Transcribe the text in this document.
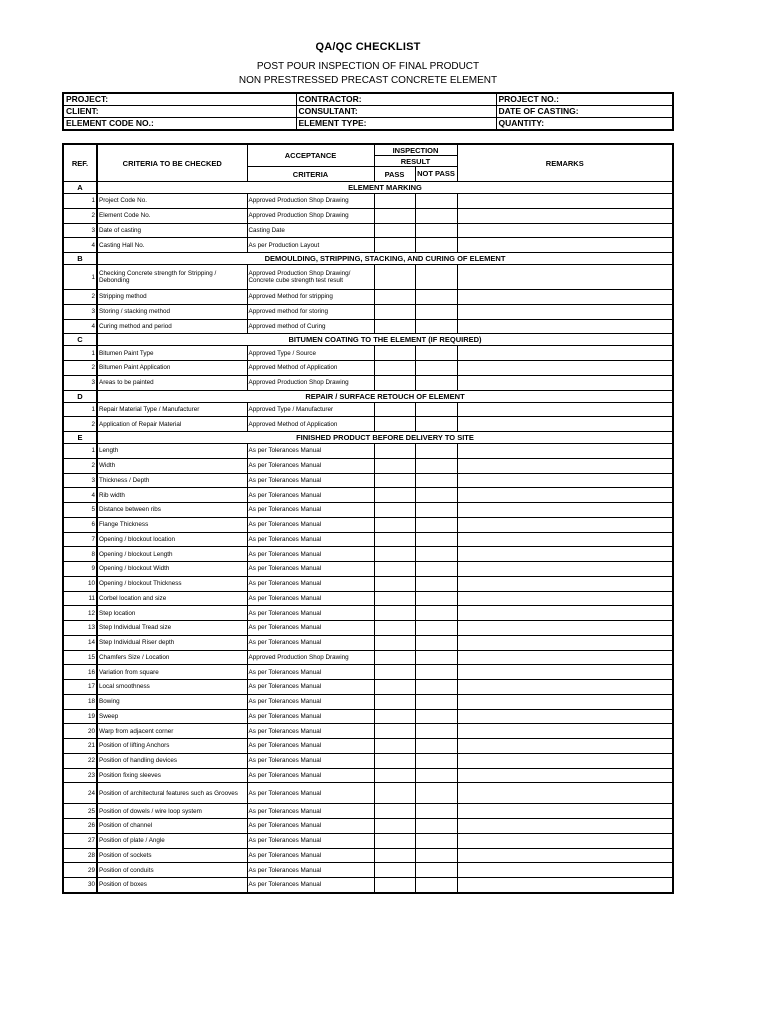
QA/QC CHECKLIST
POST POUR INSPECTION OF FINAL PRODUCT
NON PRESTRESSED PRECAST CONCRETE ELEMENT
PROJECT:	CONTRACTOR:	PROJECT NO.:
CLIENT:	CONSULTANT:	DATE OF CASTING:
ELEMENT CODE NO.:	ELEMENT TYPE:	QUANTITY:
REF.	CRITERIA TO BE CHECKED	ACCEPTANCE	INSPECTION		REMARKS
			RESULT		
		CRITERIA	PASS	NOT PASS	
A	ELEMENT MARKING				
1	Project Code No.	Approved Production Shop Drawing			
2	Element Code No.	Approved Production Shop Drawing			
3	Date of casting	Casting Date			
4	Casting Hall No.	As per Production Layout			
B	DEMOULDING, STRIPPING, STACKING, AND CURING OF ELEMENT				
1	Checking Concrete strength for Stripping / Debonding	Approved Production Shop Drawing/ Concrete cube strength test result			
2	Stripping method	Approved Method for stripping			
3	Storing / stacking method	Approved method for storing			
4	Curing method and period	Approved method of Curing			
C	BITUMEN COATING TO THE ELEMENT (IF REQUIRED)				
1	Bitumen Paint Type	Approved Type / Source			
2	Bitumen Paint Application	Approved Method of Application			
3	Areas to be painted	Approved Production Shop Drawing			
D	REPAIR / SURFACE RETOUCH OF ELEMENT				
1	Repair Material Type / Manufacturer	Approved Type / Manufacturer			
2	Application of Repair Material	Approved Method of Application			
E	FINISHED PRODUCT BEFORE DELIVERY TO SITE				
1	Length	As per Tolerances Manual			
2	Width	As per Tolerances Manual			
3	Thickness / Depth	As per Tolerances Manual			
4	Rib width	As per Tolerances Manual			
5	Distance between ribs	As per Tolerances Manual			
6	Flange Thickness	As per Tolerances Manual			
7	Opening / blockout location	As per Tolerances Manual			
8	Opening / blockout Length	As per Tolerances Manual			
9	Opening / blockout Width	As per Tolerances Manual			
10	Opening / blockout Thickness	As per Tolerances Manual			
11	Corbel location and size	As per Tolerances Manual			
12	Step location	As per Tolerances Manual			
13	Step Individual Tread size	As per Tolerances Manual			
14	Step Individual Riser depth	As per Tolerances Manual			
15	Chamfers Size / Location	Approved Production Shop Drawing			
16	Variation from square	As per Tolerances Manual			
17	Local smoothness	As per Tolerances Manual			
18	Bowing	As per Tolerances Manual			
19	Sweep	As per Tolerances Manual			
20	Warp from adjacent corner	As per Tolerances Manual			
21	Position of lifting Anchors	As per Tolerances Manual			
22	Position of handling devices	As per Tolerances Manual			
23	Position fixing sleeves	As per Tolerances Manual			
24	Position of architectural features such as Grooves	As per Tolerances Manual			
25	Position of dowels / wire loop system	As per Tolerances Manual			
26	Position of channel	As per Tolerances Manual			
27	Position of plate / Angle	As per Tolerances Manual			
28	Position of sockets	As per Tolerances Manual			
29	Position of conduits	As per Tolerances Manual			
30	Position of boxes	As per Tolerances Manual			
